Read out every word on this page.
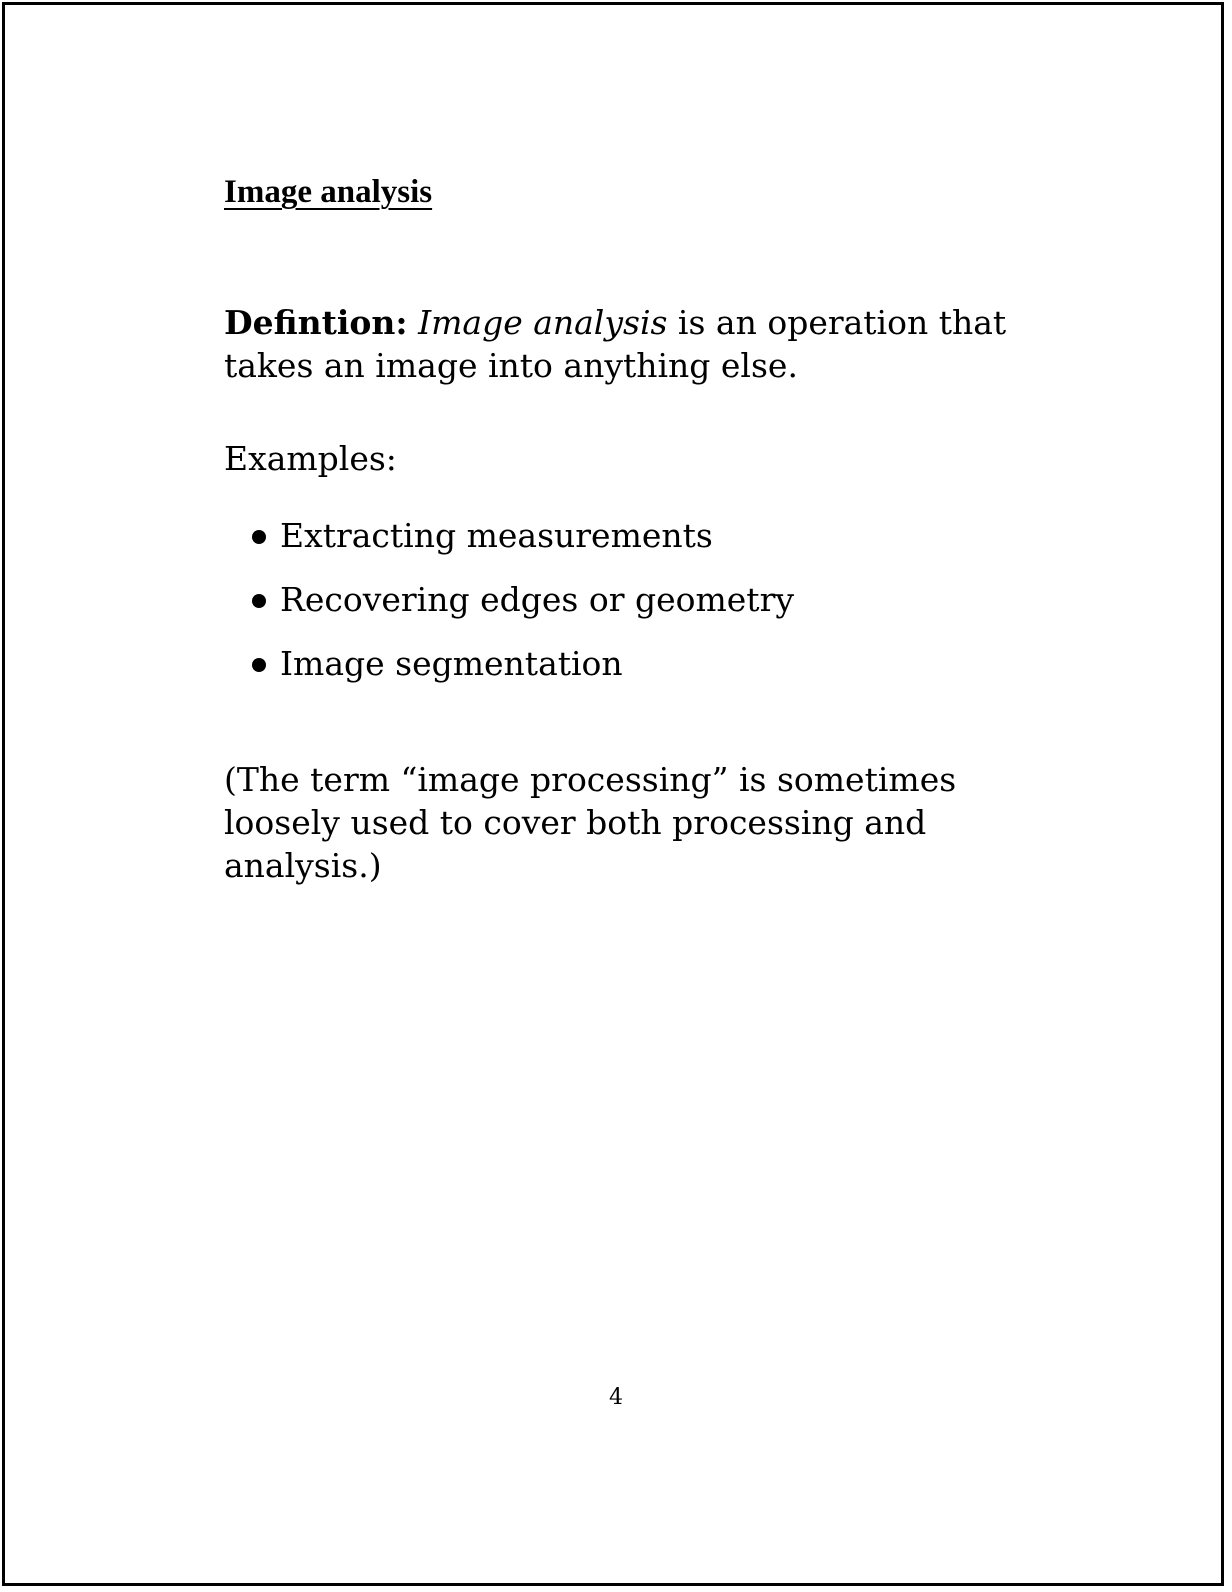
Image analysis

Defintion: Image analysis is an operation that takes an image into anything else.

Examples:

Extracting measurements
Recovering edges or geometry
Image segmentation

(The term “image processing” is sometimes loosely used to cover both processing and analysis.)

4
